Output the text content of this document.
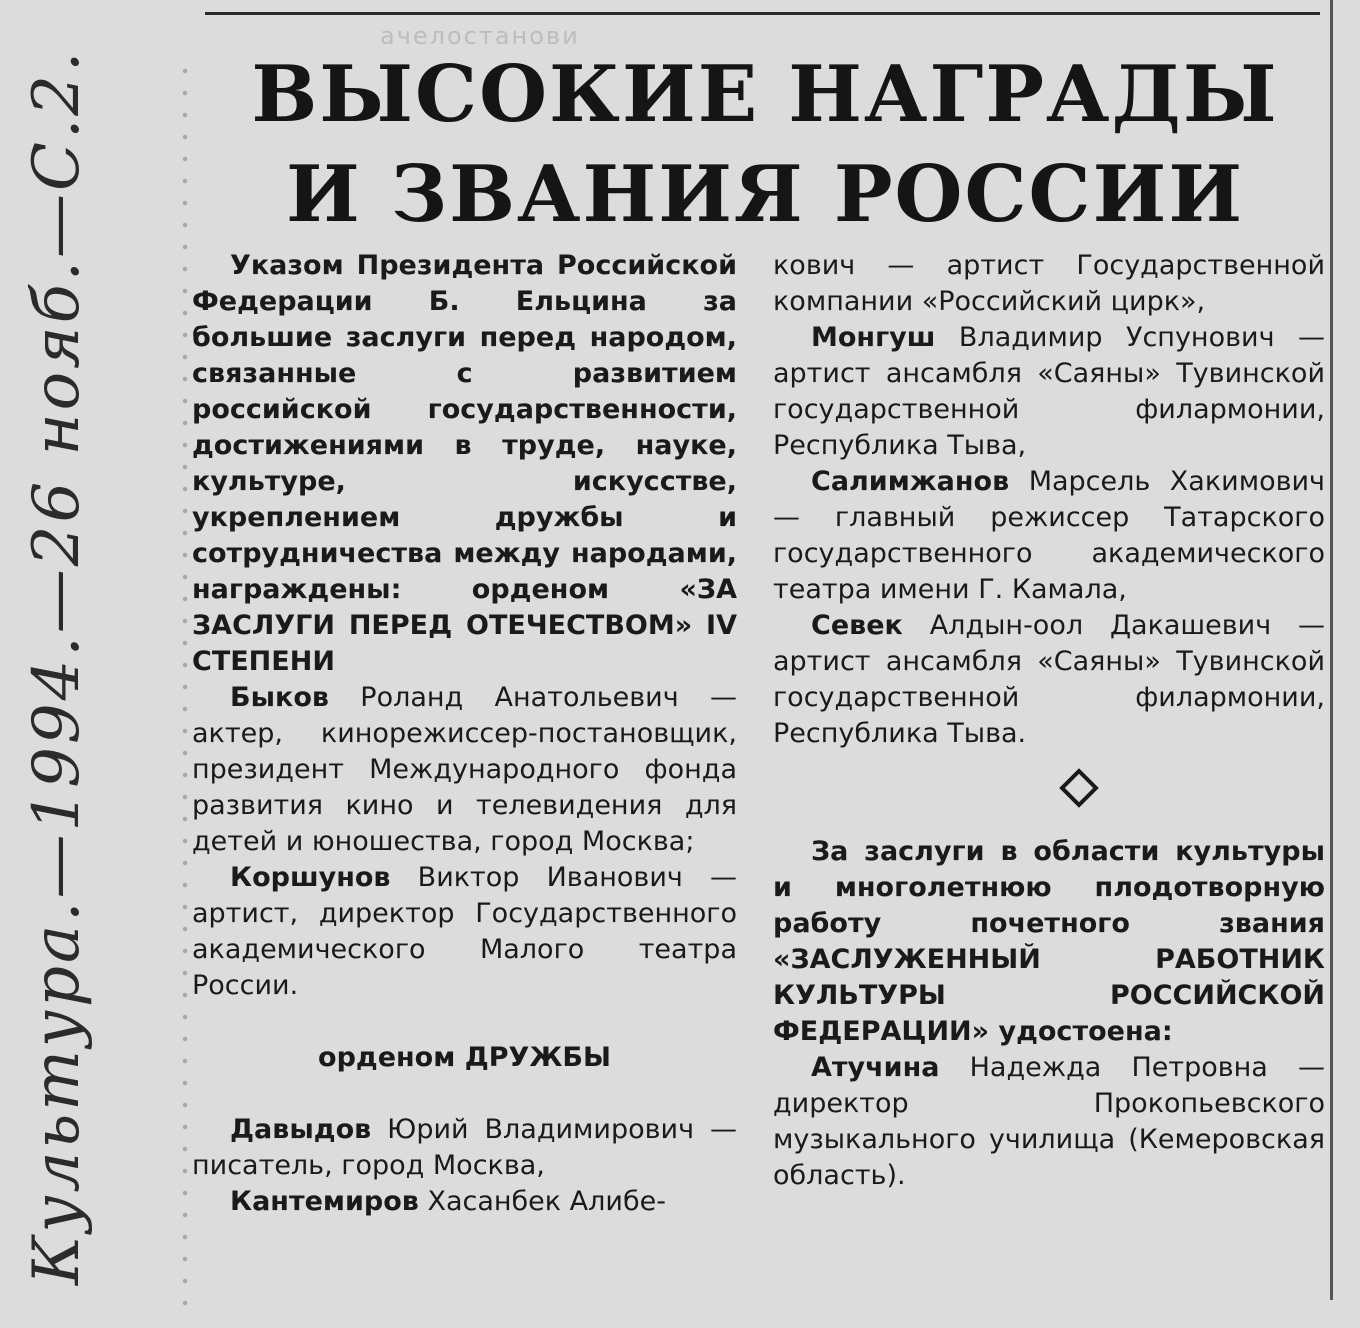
ачелостанови
ВЫСОКИЕ НАГРАДЫ
И ЗВАНИЯ РОССИИ
Культура.—1994.—26 нояб.—С.2.	Указом Президента Российской Федерации Б. Ельцина за большие заслуги перед народом, связанные с развитием российской государственности, достижениями в труде, науке, культуре, искусстве, укреплением дружбы и сотрудничества между народами, награждены: орденом «ЗА ЗАСЛУГИ ПЕРЕД ОТЕЧЕСТВОМ» IV СТЕПЕНИ

Быков Роланд Анатольевич — актер, кинорежиссер-постановщик, президент Международного фонда развития кино и телевидения для детей и юношества, город Москва;

Коршунов Виктор Иванович — артист, директор Государственного академического Малого театра России.

орденом ДРУЖБЫ

Давыдов Юрий Владимирович — писатель, город Москва,

Кантемиров Хасанбек Алибе-

кович — артист Государственной компании «Российский цирк»,

Монгуш Владимир Успунович — артист ансамбля «Саяны» Тувинской государственной филармонии, Республика Тыва,

Салимжанов Марсель Хакимович — главный режиссер Татарского государственного академического театра имени Г. Камала,

Севек Алдын-оол Дакашевич — артист ансамбля «Саяны» Тувинской государственной филармонии, Республика Тыва.

За заслуги в области культуры и многолетнюю плодотворную работу почетного звания «ЗАСЛУЖЕННЫЙ РАБОТНИК КУЛЬТУРЫ РОССИЙСКОЙ ФЕДЕРАЦИИ» удостоена:

Атучина Надежда Петровна — директор Прокопьевского музыкального училища (Кемеровская область).
